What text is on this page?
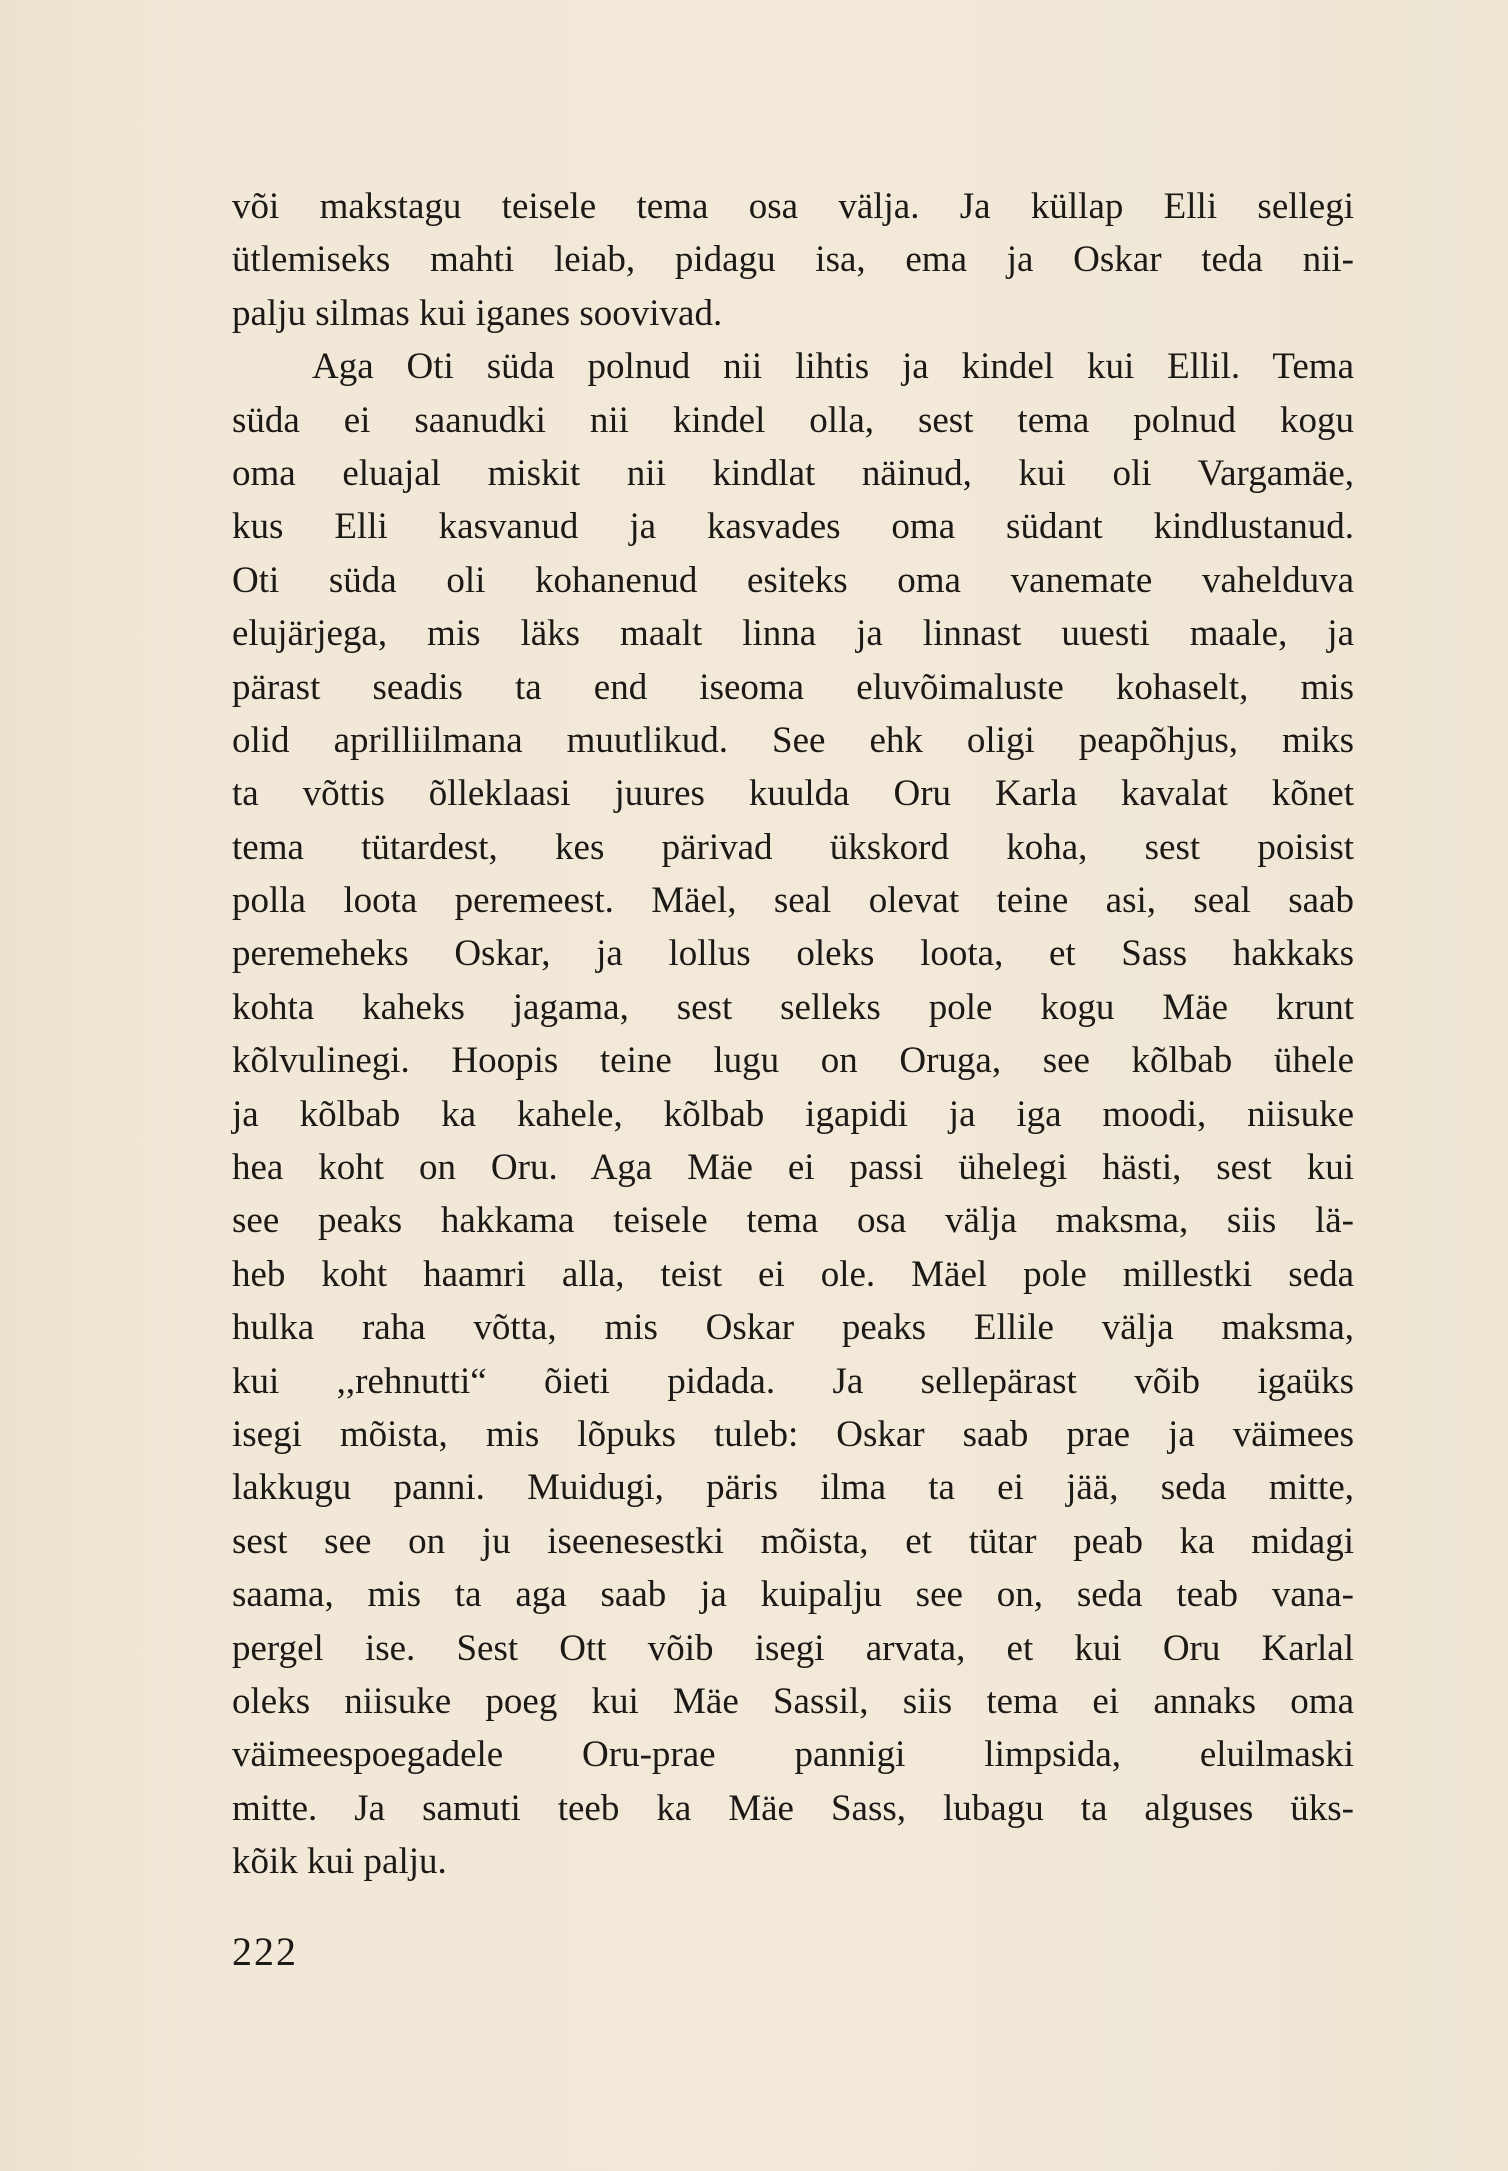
või makstagu teisele tema osa välja. Ja küllap Elli sellegi
ütlemiseks mahti leiab, pidagu isa, ema ja Oskar teda nii-
palju silmas kui iganes soovivad.
Aga Oti süda polnud nii lihtis ja kindel kui Ellil. Tema
süda ei saanudki nii kindel olla, sest tema polnud kogu
oma eluajal miskit nii kindlat näinud, kui oli Vargamäe,
kus Elli kasvanud ja kasvades oma südant kindlustanud.
Oti süda oli kohanenud esiteks oma vanemate vahelduva
elujärjega, mis läks maalt linna ja linnast uuesti maale, ja
pärast seadis ta end iseoma eluvõimaluste kohaselt, mis
olid aprilliilmana muutlikud. See ehk oligi peapõhjus, miks
ta võttis õlleklaasi juures kuulda Oru Karla kavalat kõnet
tema tütardest, kes pärivad ükskord koha, sest poisist
polla loota peremeest. Mäel, seal olevat teine asi, seal saab
peremeheks Oskar, ja lollus oleks loota, et Sass hakkaks
kohta kaheks jagama, sest selleks pole kogu Mäe krunt
kõlvulinegi. Hoopis teine lugu on Oruga, see kõlbab ühele
ja kõlbab ka kahele, kõlbab igapidi ja iga moodi, niisuke
hea koht on Oru. Aga Mäe ei passi ühelegi hästi, sest kui
see peaks hakkama teisele tema osa välja maksma, siis lä-
heb koht haamri alla, teist ei ole. Mäel pole millestki seda
hulka raha võtta, mis Oskar peaks Ellile välja maksma,
kui ,,rehnutti“ õieti pidada. Ja sellepärast võib igaüks
isegi mõista, mis lõpuks tuleb: Oskar saab prae ja väimees
lakkugu panni. Muidugi, päris ilma ta ei jää, seda mitte,
sest see on ju iseenesestki mõista, et tütar peab ka midagi
saama, mis ta aga saab ja kuipalju see on, seda teab vana-
pergel ise. Sest Ott võib isegi arvata, et kui Oru Karlal
oleks niisuke poeg kui Mäe Sassil, siis tema ei annaks oma
väimeespoegadele Oru-prae pannigi limpsida, eluilmaski
mitte. Ja samuti teeb ka Mäe Sass, lubagu ta alguses üks-
kõik kui palju.
222
